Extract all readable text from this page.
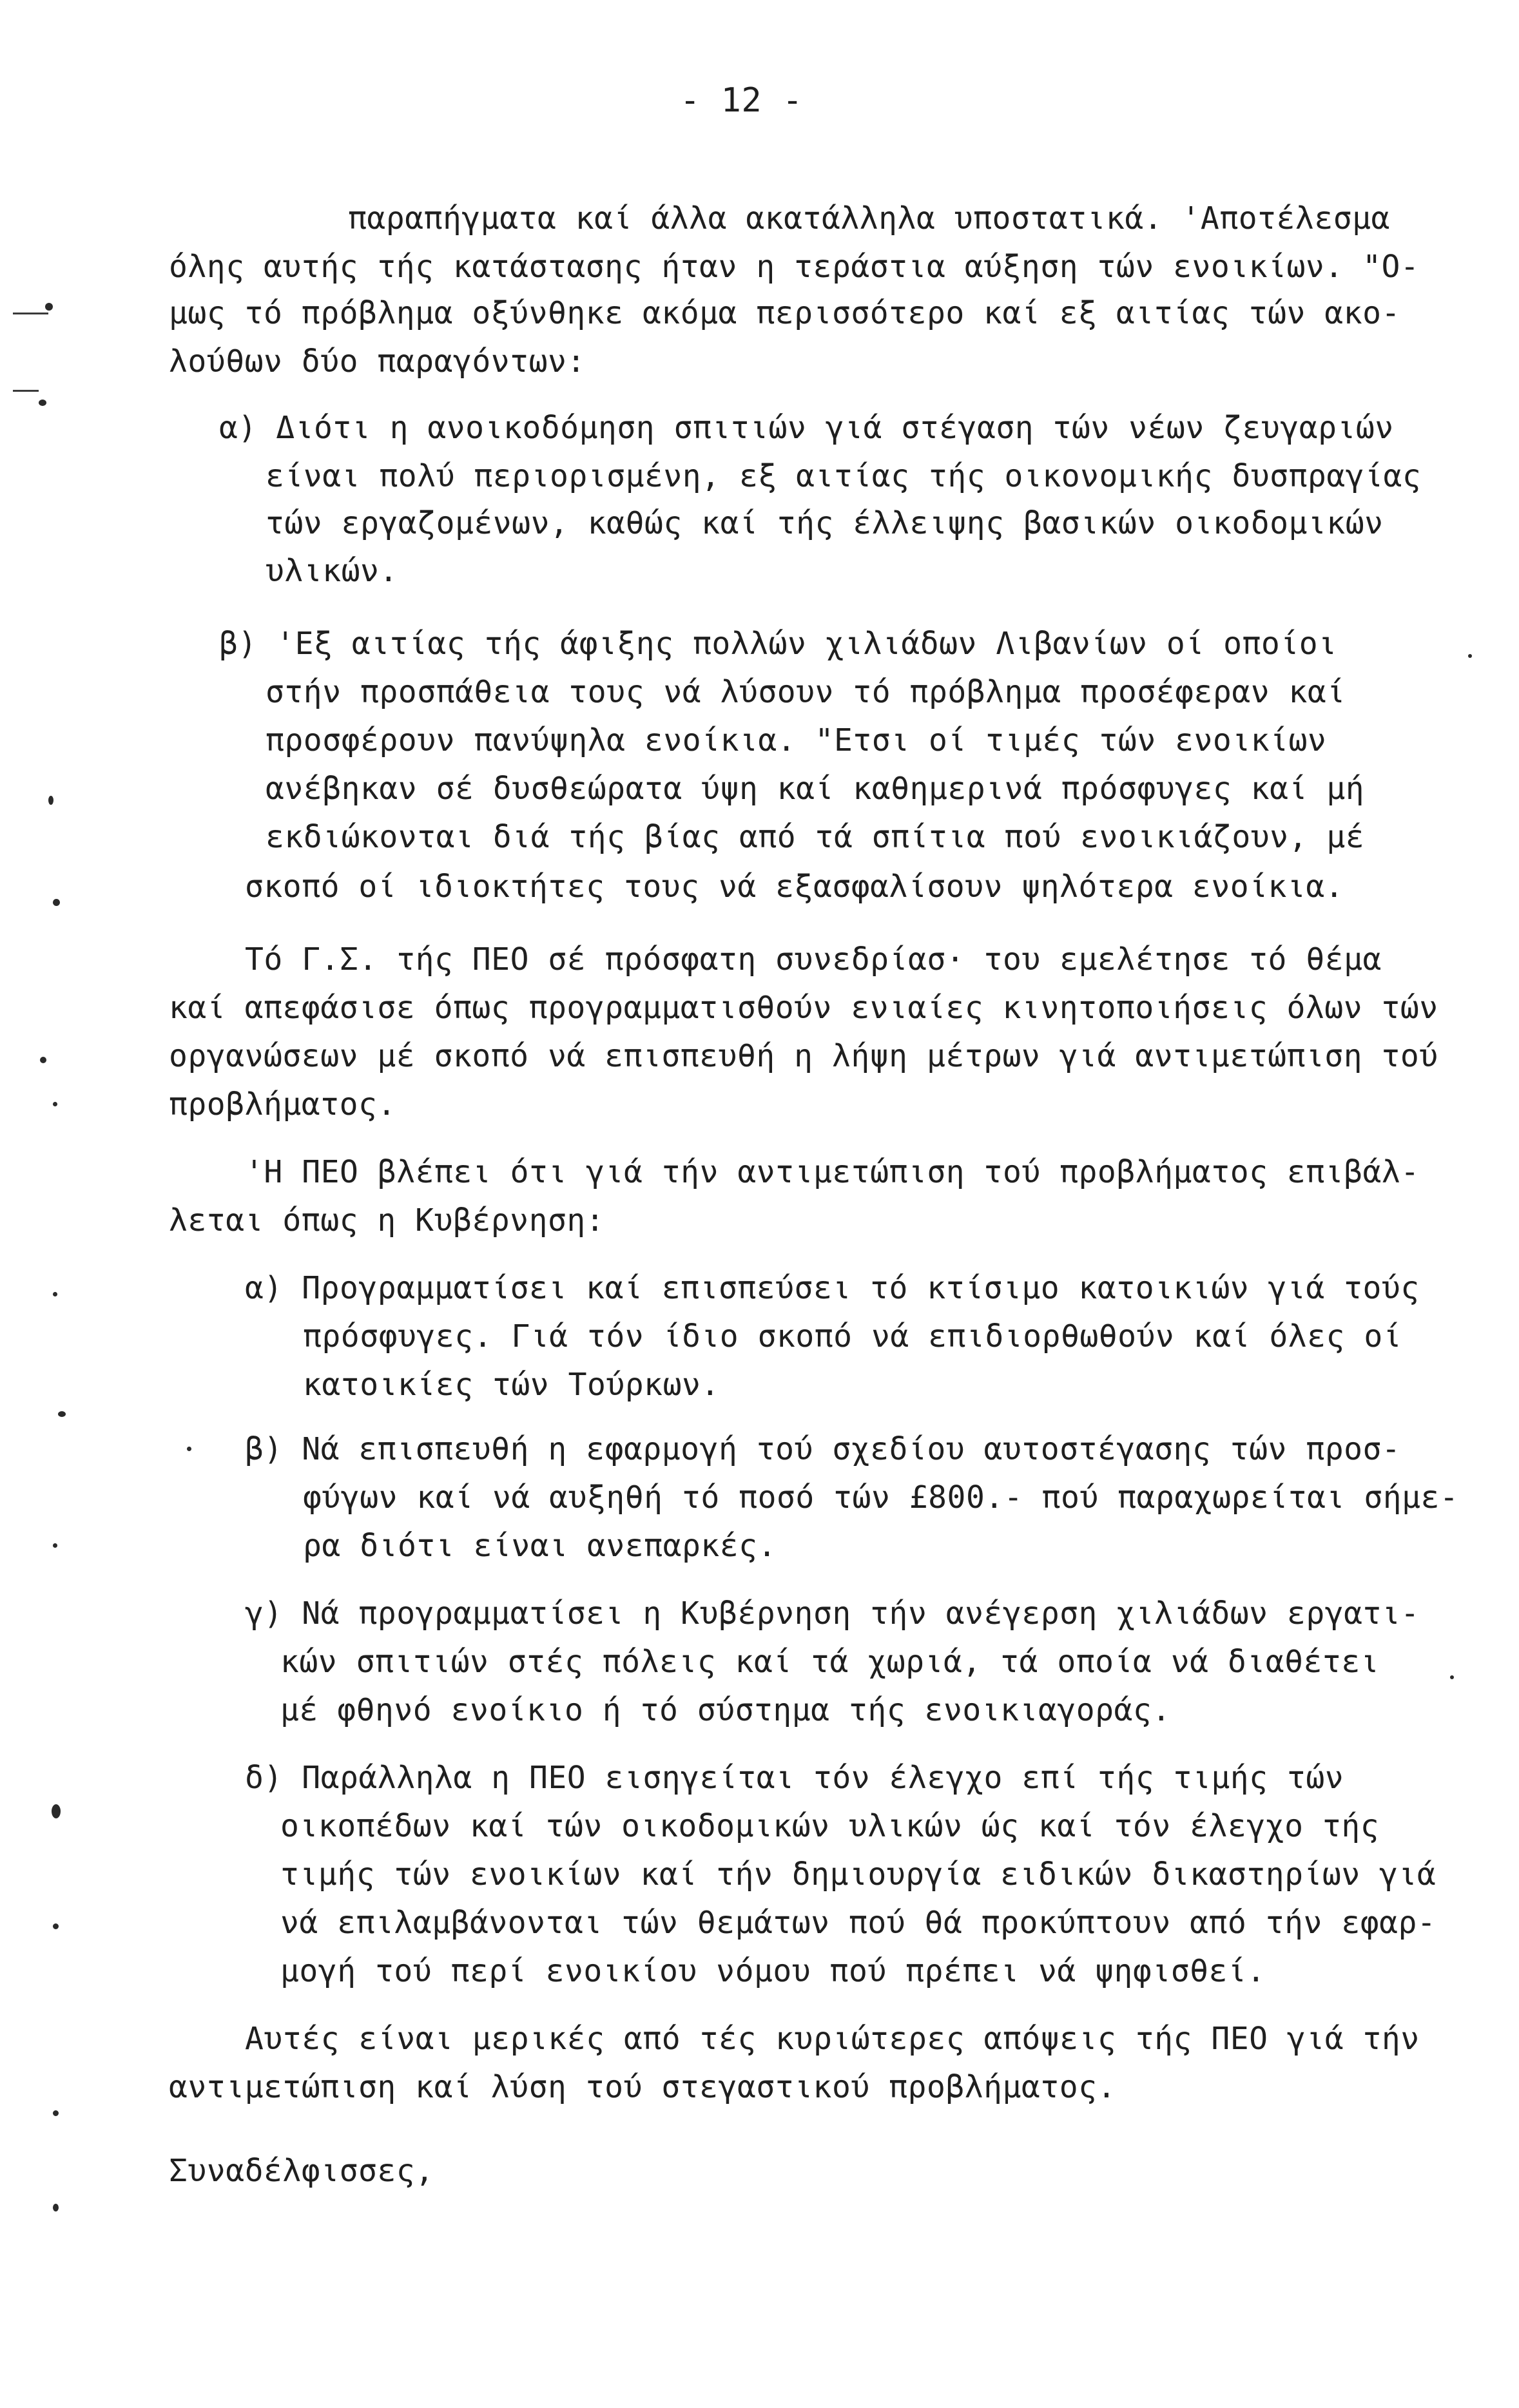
- 12 -
παραπήγματα καί άλλα ακατάλληλα υποστατικά. 'Αποτέλεσμα
όλης αυτής τής κατάστασης ήταν η τεράστια αύξηση τών ενοικίων. "Ο-
μως τό πρόβλημα οξύνθηκε ακόμα περισσότερο καί εξ αιτίας τών ακο-
λούθων δύο παραγόντων:
α) Διότι η ανοικοδόμηση σπιτιών γιά στέγαση τών νέων ζευγαριών
είναι πολύ περιορισμένη, εξ αιτίας τής οικονομικής δυσπραγίας
τών εργαζομένων, καθώς καί τής έλλειψης βασικών οικοδομικών
υλικών.
β) 'Εξ αιτίας τής άφιξης πολλών χιλιάδων Λιβανίων οί οποίοι
στήν προσπάθεια τους νά λύσουν τό πρόβλημα προσέφεραν καί
προσφέρουν πανύψηλα ενοίκια. "Ετσι οί τιμές τών ενοικίων
ανέβηκαν σέ δυσθεώρατα ύψη καί καθημερινά πρόσφυγες καί μή
εκδιώκονται διά τής βίας από τά σπίτια πού ενοικιάζουν, μέ
σκοπό οί ιδιοκτήτες τους νά εξασφαλίσουν ψηλότερα ενοίκια.
Τό Γ.Σ. τής ΠΕΟ σέ πρόσφατη συνεδρίασ· του εμελέτησε τό θέμα
καί απεφάσισε όπως προγραμματισθούν ενιαίες κινητοποιήσεις όλων τών
οργανώσεων μέ σκοπό νά επισπευθή η λήψη μέτρων γιά αντιμετώπιση τού
προβλήματος.
'Η ΠΕΟ βλέπει ότι γιά τήν αντιμετώπιση τού προβλήματος επιβάλ-
λεται όπως η Κυβέρνηση:
α) Προγραμματίσει καί επισπεύσει τό κτίσιμο κατοικιών γιά τούς
πρόσφυγες. Γιά τόν ίδιο σκοπό νά επιδιορθωθούν καί όλες οί
κατοικίες τών Τούρκων.
β) Νά επισπευθή η εφαρμογή τού σχεδίου αυτοστέγασης τών προσ-
φύγων καί νά αυξηθή τό ποσό τών £800.- πού παραχωρείται σήμε-
ρα διότι είναι ανεπαρκές.
γ) Νά προγραμματίσει η Κυβέρνηση τήν ανέγερση χιλιάδων εργατι-
κών σπιτιών στές πόλεις καί τά χωριά, τά οποία νά διαθέτει
μέ φθηνό ενοίκιο ή τό σύστημα τής ενοικιαγοράς.
δ) Παράλληλα η ΠΕΟ εισηγείται τόν έλεγχο επί τής τιμής τών
οικοπέδων καί τών οικοδομικών υλικών ώς καί τόν έλεγχο τής
τιμής τών ενοικίων καί τήν δημιουργία ειδικών δικαστηρίων γιά
νά επιλαμβάνονται τών θεμάτων πού θά προκύπτουν από τήν εφαρ-
μογή τού περί ενοικίου νόμου πού πρέπει νά ψηφισθεί.
Αυτές είναι μερικές από τές κυριώτερες απόψεις τής ΠΕΟ γιά τήν
αντιμετώπιση καί λύση τού στεγαστικού προβλήματος.
Συναδέλφισσες,
